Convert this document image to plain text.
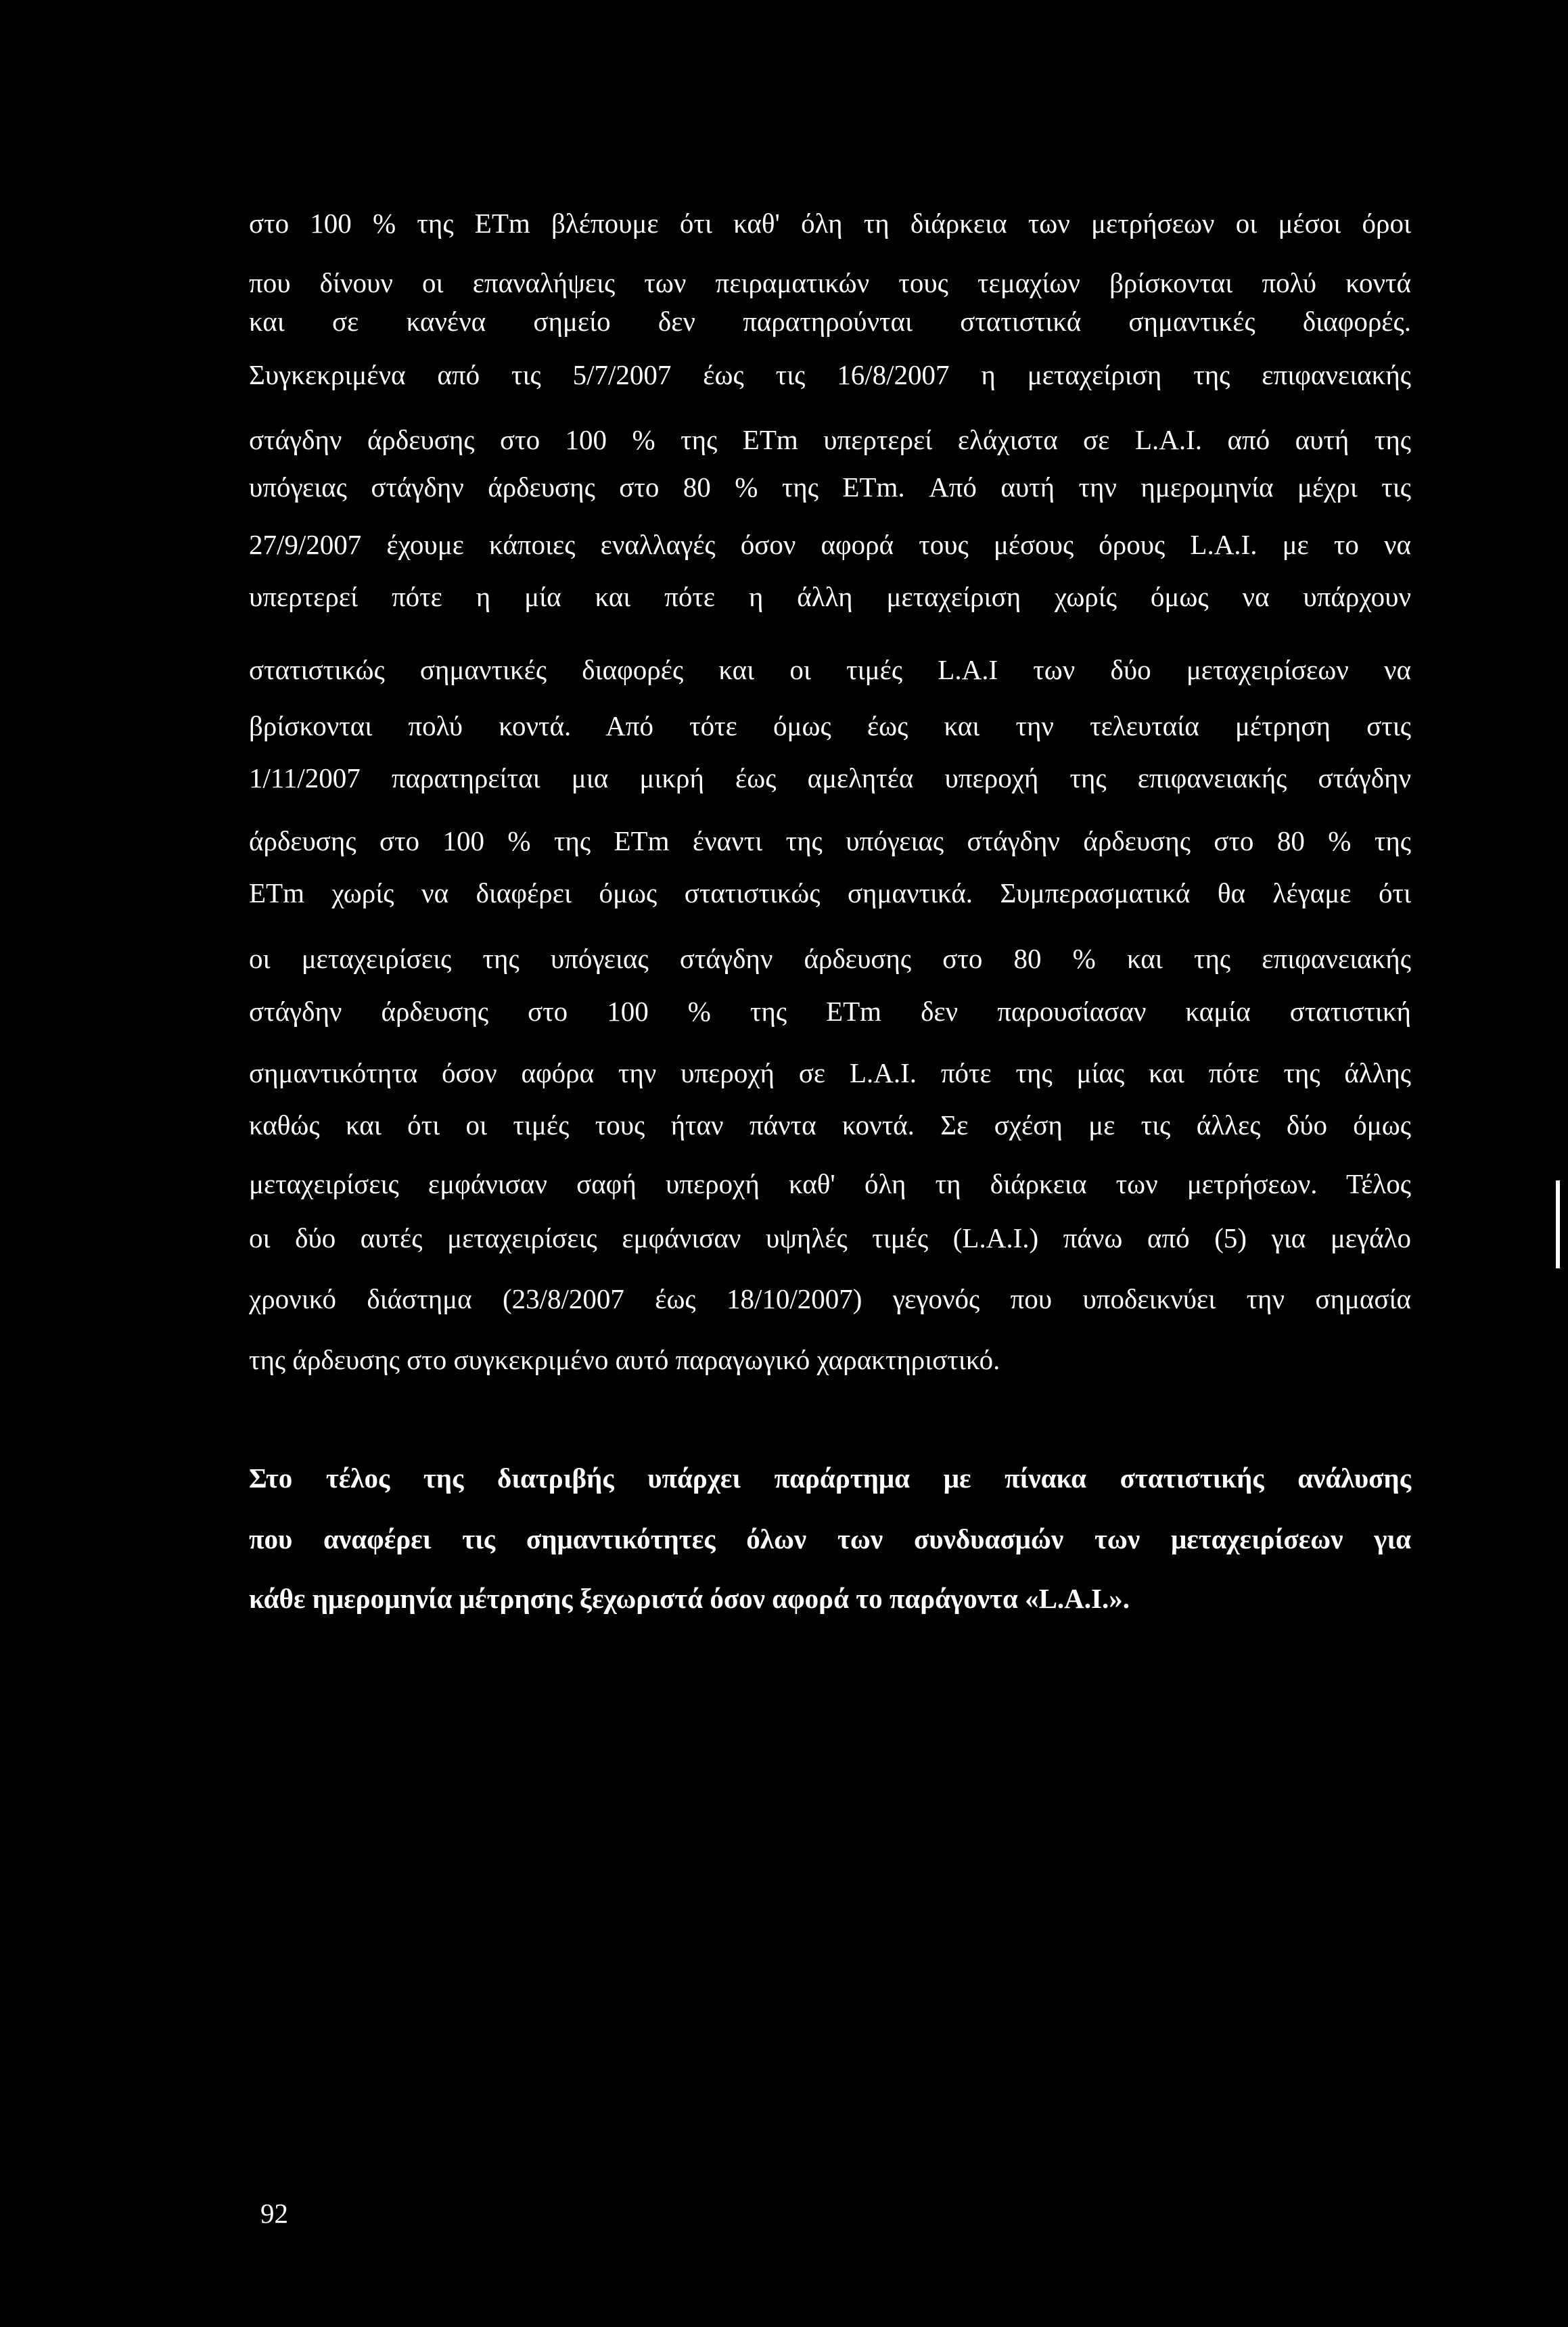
στο 100 % της ETm βλέπουμε ότι καθ' όλη τη διάρκεια των μετρήσεων οι μέσοι όροι
που δίνουν οι επαναλήψεις των πειραματικών τους τεμαχίων βρίσκονται πολύ κοντά
και σε κανένα σημείο δεν παρατηρούνται στατιστικά σημαντικές διαφορές.
Συγκεκριμένα από τις 5/7/2007 έως τις 16/8/2007 η μεταχείριση της επιφανειακής
στάγδην άρδευσης στο 100 % της ETm υπερτερεί ελάχιστα σε L.A.I. από αυτή της
υπόγειας στάγδην άρδευσης στο 80 % της ETm. Από αυτή την ημερομηνία μέχρι τις
27/9/2007 έχουμε κάποιες εναλλαγές όσον αφορά τους μέσους όρους L.A.I. με το να
υπερτερεί πότε η μία και πότε η άλλη μεταχείριση χωρίς όμως να υπάρχουν
στατιστικώς σημαντικές διαφορές και οι τιμές L.A.I των δύο μεταχειρίσεων να
βρίσκονται πολύ κοντά. Από τότε όμως έως και την τελευταία μέτρηση στις
1/11/2007 παρατηρείται μια μικρή έως αμελητέα υπεροχή της επιφανειακής στάγδην
άρδευσης στο 100 % της ETm έναντι της υπόγειας στάγδην άρδευσης στο 80 % της
ETm χωρίς να διαφέρει όμως στατιστικώς σημαντικά. Συμπερασματικά θα λέγαμε ότι
οι μεταχειρίσεις της υπόγειας στάγδην άρδευσης στο 80 % και της επιφανειακής
στάγδην άρδευσης στο 100 % της ETm δεν παρουσίασαν καμία στατιστική
σημαντικότητα όσον αφόρα την υπεροχή σε L.A.I. πότε της μίας και πότε της άλλης
καθώς και ότι οι τιμές τους ήταν πάντα κοντά. Σε σχέση με τις άλλες δύο όμως
μεταχειρίσεις εμφάνισαν σαφή υπεροχή καθ' όλη τη διάρκεια των μετρήσεων. Τέλος
οι δύο αυτές μεταχειρίσεις εμφάνισαν υψηλές τιμές (L.A.I.) πάνω από (5) για μεγάλο
χρονικό διάστημα (23/8/2007 έως 18/10/2007) γεγονός που υποδεικνύει την σημασία
της άρδευσης στο συγκεκριμένο αυτό παραγωγικό χαρακτηριστικό.
Στο τέλος της διατριβής υπάρχει παράρτημα με πίνακα στατιστικής ανάλυσης
που αναφέρει τις σημαντικότητες όλων των συνδυασμών των μεταχειρίσεων για
κάθε ημερομηνία μέτρησης ξεχωριστά όσον αφορά το παράγοντα «L.A.I.».
92
